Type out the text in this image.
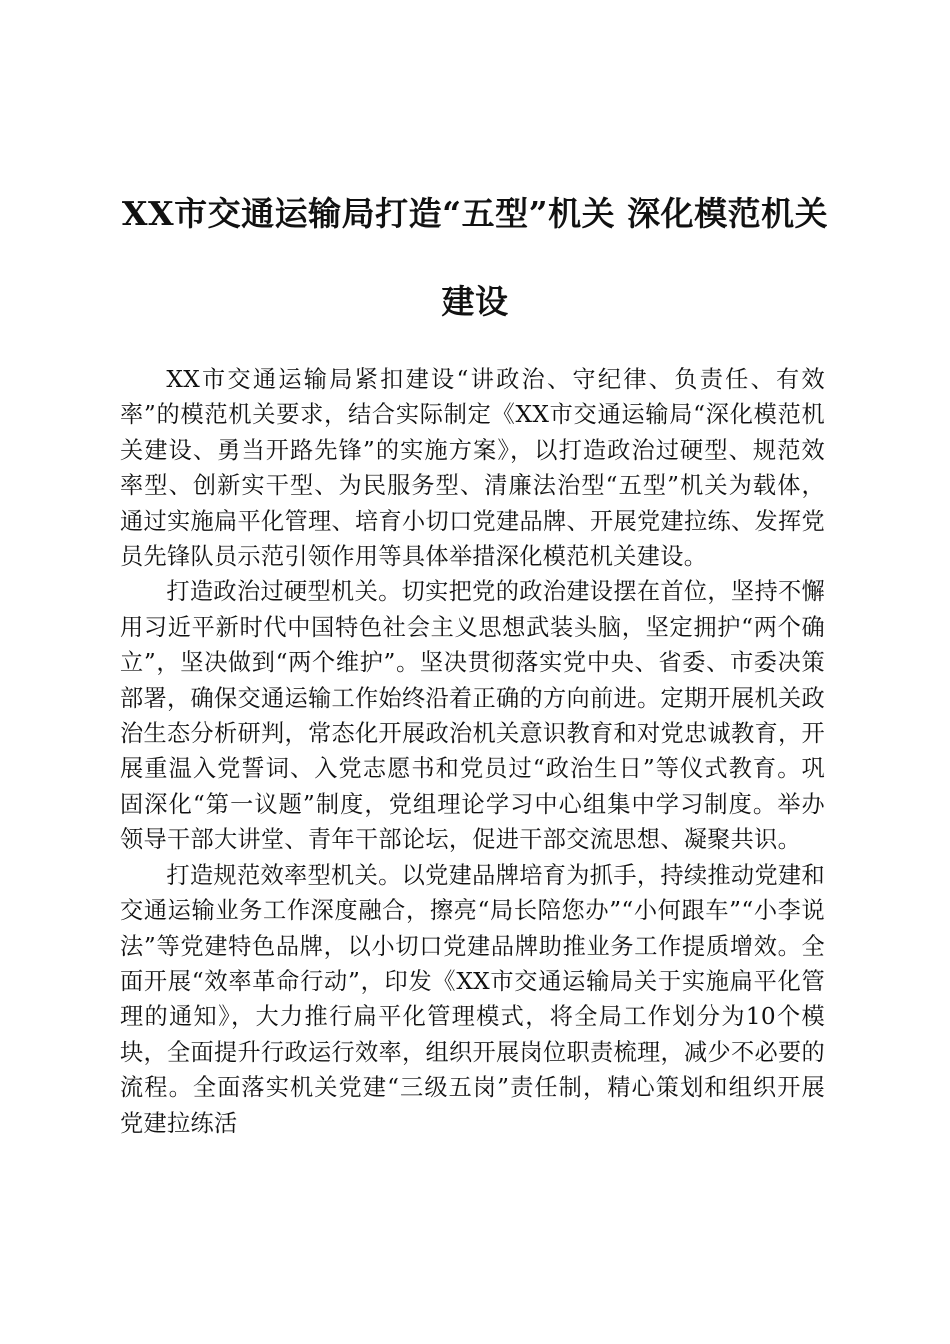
XX市交通运输局打造“五型”机关 深化模范机关建设

XX市交通运输局紧扣建设“讲政治、守纪律、负责任、有效率”的模范机关要求，结合实际制定《XX市交通运输局“深化模范机关建设、勇当开路先锋”的实施方案》，以打造政治过硬型、规范效率型、创新实干型、为民服务型、清廉法治型“五型”机关为载体，通过实施扁平化管理、培育小切口党建品牌、开展党建拉练、发挥党员先锋队员示范引领作用等具体举措深化模范机关建设。

打造政治过硬型机关。切实把党的政治建设摆在首位，坚持不懈用习近平新时代中国特色社会主义思想武装头脑，坚定拥护“两个确立”，坚决做到“两个维护”。坚决贯彻落实党中央、省委、市委决策部署，确保交通运输工作始终沿着正确的方向前进。定期开展机关政治生态分析研判，常态化开展政治机关意识教育和对党忠诚教育，开展重温入党誓词、入党志愿书和党员过“政治生日”等仪式教育。巩固深化“第一议题”制度，党组理论学习中心组集中学习制度。举办领导干部大讲堂、青年干部论坛，促进干部交流思想、凝聚共识。

打造规范效率型机关。以党建品牌培育为抓手，持续推动党建和交通运输业务工作深度融合，擦亮“局长陪您办”“小何跟车”“小李说法”等党建特色品牌，以小切口党建品牌助推业务工作提质增效。全面开展“效率革命行动”，印发《XX市交通运输局关于实施扁平化管理的通知》，大力推行扁平化管理模式，将全局工作划分为10个模块，全面提升行政运行效率，组织开展岗位职责梳理，减少不必要的流程。全面落实机关党建“三级五岗”责任制，精心策划和组织开展党建拉练活
